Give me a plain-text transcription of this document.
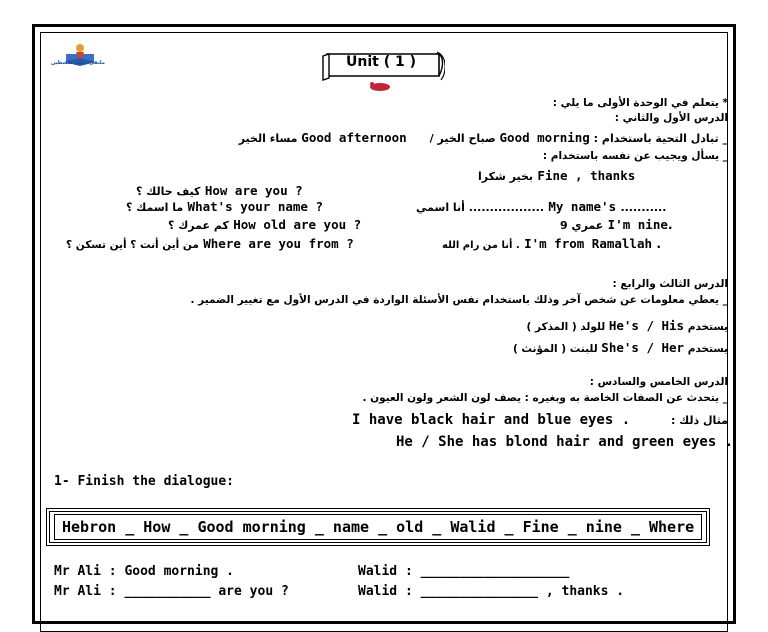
ملتقى تعليم فلسطين	Unit ( 1 )
* يتعلم في الوحدة الأولى ما يلي :
الدرس الأول والثاني :
_ تبادل التحية باستخدام : Good morning صباح الخير /      Good afternoon مساء الخير
_ يسأل ويجيب عن نفسه باستخدام :
بخير شكرا Fine , thanks
كيف حالك ؟ How are you ?
أنا اسمي .................. My name's ...........
ما اسمك ؟ What's your name ?
عمري 9 I'm nine.
كم عمرك ؟ How old are you ?
أنا من رام الله . I'm from Ramallah .
من أين أنت ؟ أين تسكن ؟ Where are you from ?
الدرس الثالث والرابع :
_ يعطي معلومات عن شخص آخر وذلك باستخدام نفس الأسئلة الواردة في الدرس الأول مع تغيير الضمير .
يستخدم He's / His للولد ( المذكر )
يستخدم She's / Her للبنت ( المؤنث )
الدرس الخامس والسادس :
_ يتحدث عن الصفات الخاصة به وبغيره : يصف لون الشعر ولون العيون .
مثال ذلك :
I have black hair and blue eyes .
He / She has blond hair and green eyes .
1- Finish the dialogue:
Hebron _ How _ Good morning _ name _ old _ Walid _ Fine _ nine _ Where
Mr Ali : Good morning .	Walid : ___________________
Mr Ali : ___________ are you ?	Walid : _______________ , thanks .
